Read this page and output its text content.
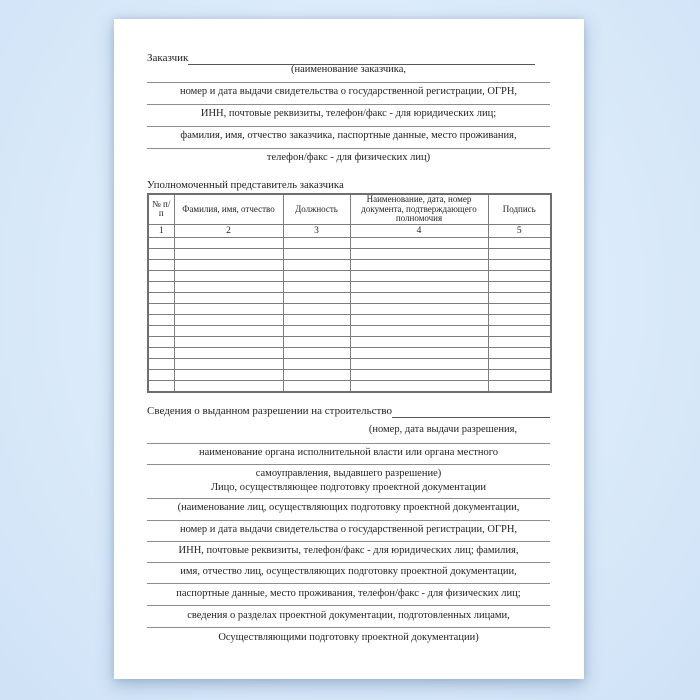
Заказчик
(наименование заказчика,
номер и дата выдачи свидетельства о государственной регистрации, ОГРН,
ИНН, почтовые реквизиты, телефон/факс - для юридических лиц;
фамилия, имя, отчество заказчика, паспортные данные, место проживания,
телефон/факс - для физических лиц)
Уполномоченный представитель заказчика
№ п/п	Фамилия, имя, отчество	Должность	Наименование, дата, номер документа, подтверждающего полномочия	Подпись
1	2	3	4	5

Сведения о выданном разрешении на строительство
(номер, дата выдачи разрешения,
наименование органа исполнительной власти или органа местного
самоуправления, выдавшего разрешение)
Лицо, осуществляющее подготовку проектной документации
(наименование лиц, осуществляющих подготовку проектной документации,
номер и дата выдачи свидетельства о государственной регистрации, ОГРН,
ИНН, почтовые реквизиты, телефон/факс - для юридических лиц; фамилия,
имя, отчество лиц, осуществляющих подготовку проектной документации,
паспортные данные, место проживания, телефон/факс - для физических лиц;
сведения о разделах проектной документации, подготовленных лицами,
Осуществляющими подготовку проектной документации)
